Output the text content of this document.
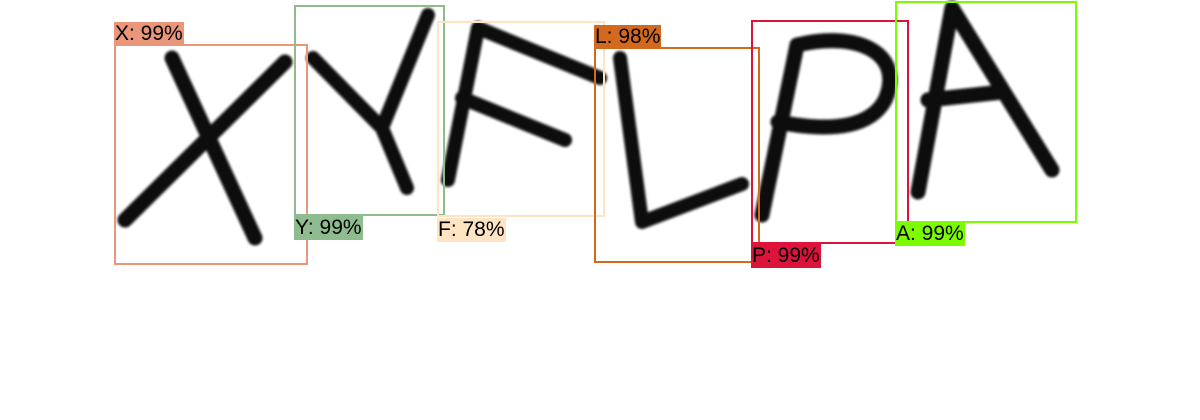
X: 99%
Y: 99%	F: 78%
L: 98%
P: 99%
A: 99%
